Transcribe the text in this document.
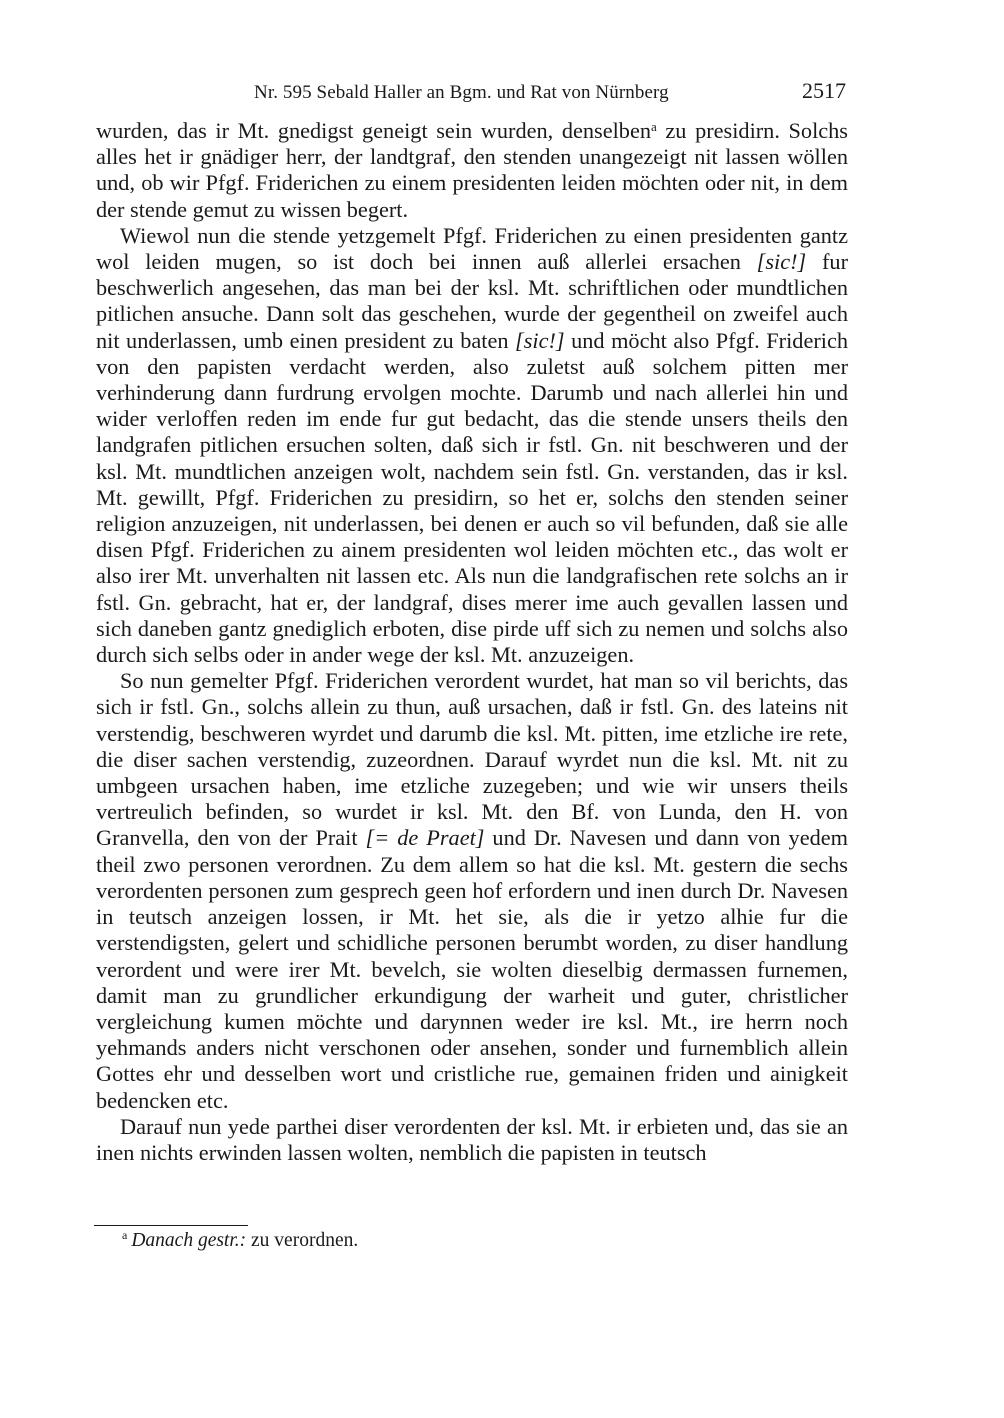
Nr. 595 Sebald Haller an Bgm. und Rat von Nürnberg	2517

wurden, das ir Mt. gnedigst geneigt sein wurden, denselben$^a$ zu presidirn. Solchs alles het ir gnädiger herr, der landtgraf, den stenden unangezeigt nit lassen wöllen und, ob wir Pfgf. Friderichen zu einem presidenten leiden möchten oder nit, in dem der stende gemut zu wissen begert.

Wiewol nun die stende yetzgemelt Pfgf. Friderichen zu einen presidenten gantz wol leiden mugen, so ist doch bei innen auß allerlei ersachen [sic!] fur beschwerlich angesehen, das man bei der ksl. Mt. schriftlichen oder mundtlichen pitlichen ansuche. Dann solt das geschehen, wurde der gegentheil on zweifel auch nit underlassen, umb einen president zu baten [sic!] und möcht also Pfgf. Friderich von den papisten verdacht werden, also zuletst auß solchem pitten mer verhinderung dann furdrung ervolgen mochte. Darumb und nach allerlei hin und wider verloffen reden im ende fur gut bedacht, das die stende unsers theils den landgrafen pitlichen ersuchen solten, daß sich ir fstl. Gn. nit beschweren und der ksl. Mt. mundtlichen anzeigen wolt, nachdem sein fstl. Gn. verstanden, das ir ksl. Mt. gewillt, Pfgf. Friderichen zu presidirn, so het er, solchs den stenden seiner religion anzuzeigen, nit underlassen, bei denen er auch so vil befunden, daß sie alle disen Pfgf. Friderichen zu ainem presidenten wol leiden möchten etc., das wolt er also irer Mt. unverhalten nit lassen etc. Als nun die landgrafischen rete solchs an ir fstl. Gn. gebracht, hat er, der landgraf, dises merer ime auch gevallen lassen und sich daneben gantz gnediglich erboten, dise pirde uff sich zu nemen und solchs also durch sich selbs oder in ander wege der ksl. Mt. anzuzeigen.

So nun gemelter Pfgf. Friderichen verordent wurdet, hat man so vil berichts, das sich ir fstl. Gn., solchs allein zu thun, auß ursachen, daß ir fstl. Gn. des lateins nit verstendig, beschweren wyrdet und darumb die ksl. Mt. pitten, ime etzliche ire rete, die diser sachen verstendig, zuzeordnen. Darauf wyrdet nun die ksl. Mt. nit zu umbgeen ursachen haben, ime etzliche zuzegeben; und wie wir unsers theils vertreulich befinden, so wurdet ir ksl. Mt. den Bf. von Lunda, den H. von Granvella, den von der Prait [= de Praet] und Dr. Navesen und dann von yedem theil zwo personen verordnen. Zu dem allem so hat die ksl. Mt. gestern die sechs verordenten personen zum gesprech geen hof erfordern und inen durch Dr. Navesen in teutsch anzeigen lossen, ir Mt. het sie, als die ir yetzo alhie fur die verstendigsten, gelert und schidliche personen berumbt worden, zu diser handlung verordent und were irer Mt. bevelch, sie wolten dieselbig dermassen furnemen, damit man zu grundlicher erkundigung der warheit und guter, christlicher vergleichung kumen möchte und darynnen weder ire ksl. Mt., ire herrn noch yehmands anders nicht verschonen oder ansehen, sonder und furnemblich allein Gottes ehr und desselben wort und cristliche rue, gemainen friden und ainigkeit bedencken etc.

Darauf nun yede parthei diser verordenten der ksl. Mt. ir erbieten und, das sie an inen nichts erwinden lassen wolten, nemblich die papisten in teutsch

$^a$ Danach gestr.: zu verordnen.
